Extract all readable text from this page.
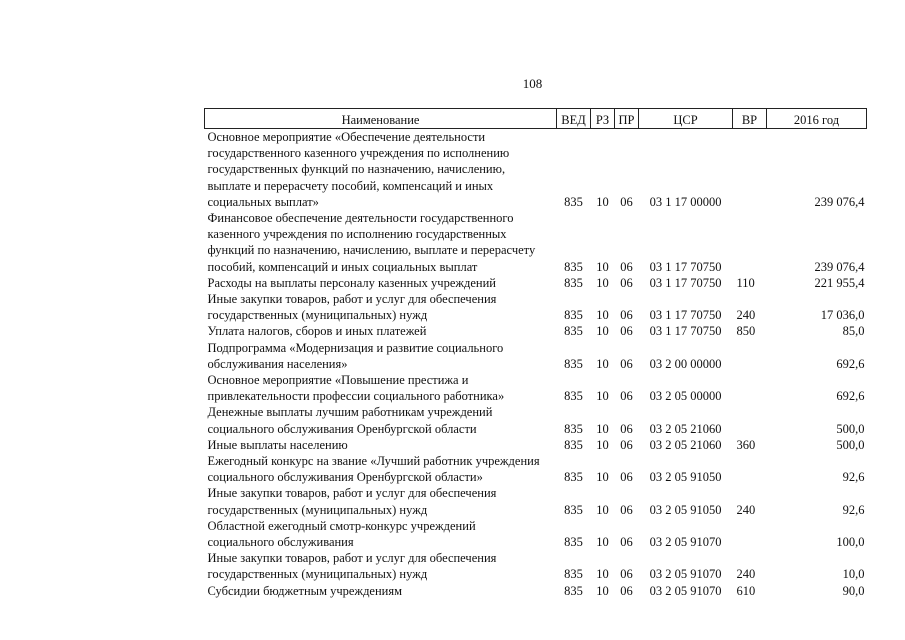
108
Наименование	ВЕД	РЗ	ПР	ЦСР	ВР	2016 год

Основное мероприятие «Обеспечение деятельности
государственного казенного учреждения по исполнению
государственных функций по назначению, начислению,
выплате и перерасчету пособий, компенсаций и иных
социальных выплат»	835	10	06	03 1 17 00000		239 076,4

Финансовое обеспечение деятельности государственного
казенного учреждения по исполнению государственных
функций по назначению, начислению, выплате и перерасчету
пособий, компенсаций и иных социальных выплат	835	10	06	03 1 17 70750		239 076,4

Расходы на выплаты персоналу казенных учреждений	835	10	06	03 1 17 70750	110	221 955,4

Иные закупки товаров, работ и услуг для обеспечения
государственных (муниципальных) нужд	835	10	06	03 1 17 70750	240	17 036,0

Уплата налогов, сборов и иных платежей	835	10	06	03 1 17 70750	850	85,0

Подпрограмма «Модернизация и развитие социального
обслуживания населения»	835	10	06	03 2 00 00000		692,6

Основное мероприятие «Повышение престижа и
привлекательности профессии социального работника»	835	10	06	03 2 05 00000		692,6

Денежные выплаты лучшим работникам учреждений
социального обслуживания Оренбургской области	835	10	06	03 2 05 21060		500,0

Иные выплаты населению	835	10	06	03 2 05 21060	360	500,0

Ежегодный конкурс на звание «Лучший работник учреждения
социального обслуживания Оренбургской области»	835	10	06	03 2 05 91050		92,6

Иные закупки товаров, работ и услуг для обеспечения
государственных (муниципальных) нужд	835	10	06	03 2 05 91050	240	92,6

Областной ежегодный смотр-конкурс учреждений
социального обслуживания	835	10	06	03 2 05 91070		100,0

Иные закупки товаров, работ и услуг для обеспечения
государственных (муниципальных) нужд	835	10	06	03 2 05 91070	240	10,0

Субсидии бюджетным учреждениям	835	10	06	03 2 05 91070	610	90,0
